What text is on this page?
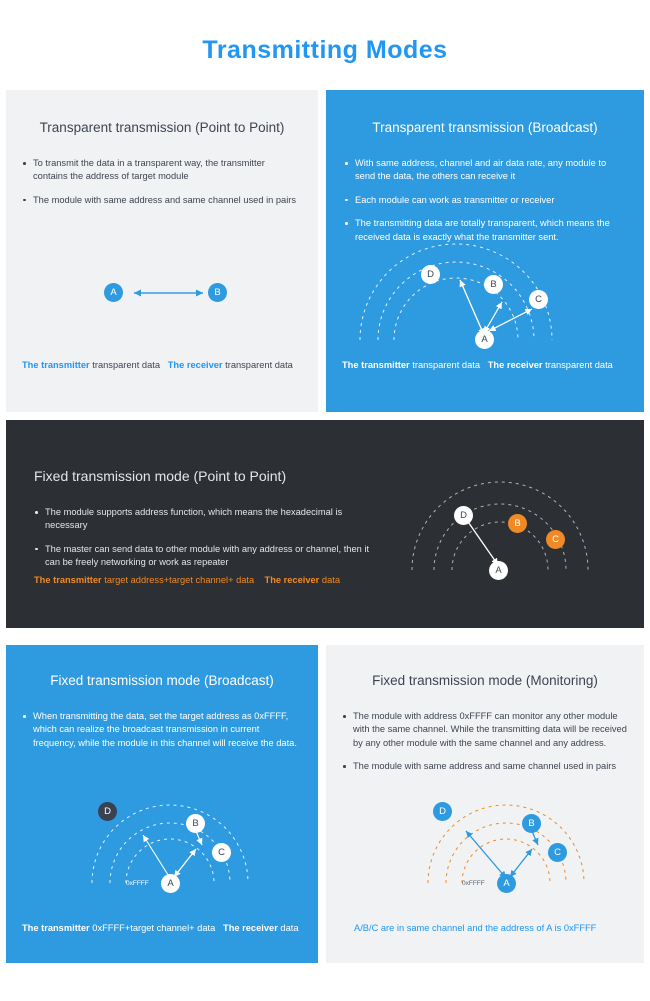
Transmitting Modes
Transparent transmission (Point to Point)
To transmit the data in a transparent way, the transmitter contains the address of target module
The module with same address and same channel used in pairs
A	B
The transmitter transparent data The receiver transparent data
Transparent transmission (Broadcast)
With same address, channel and air data rate, any module to send the data, the others can receive it
Each module can work as transmitter or receiver
The transmitting data are totally transparent, which means the received data is exactly what the transmitter sent.
A
B
C
D
The transmitter transparent data The receiver transparent data
Fixed transmission mode (Point to Point)
The module supports address function, which means the hexadecimal is necessary
The master can send data to other module with any address or channel, then it can be freely networking or work as repeater
A
B
C
D
The transmitter target address+target channel+ data The receiver data
Fixed transmission mode (Broadcast)
When transmitting the data, set the target address as 0xFFFF, which can realize the broadcast transmission in current frequency, while the module in this channel will receive the data.
A
B
C
D
0xFFFF
The transmitter 0xFFFF+target channel+ data The receiver data
Fixed transmission mode (Monitoring)
The module with address 0xFFFF can monitor any other module with the same channel. While the transmitting data will be received by any other module with the same channel and any address.
The module with same address and same channel used in pairs
A
B
C
D
0xFFFF
A/B/C are in same channel and the address of A is 0xFFFF
